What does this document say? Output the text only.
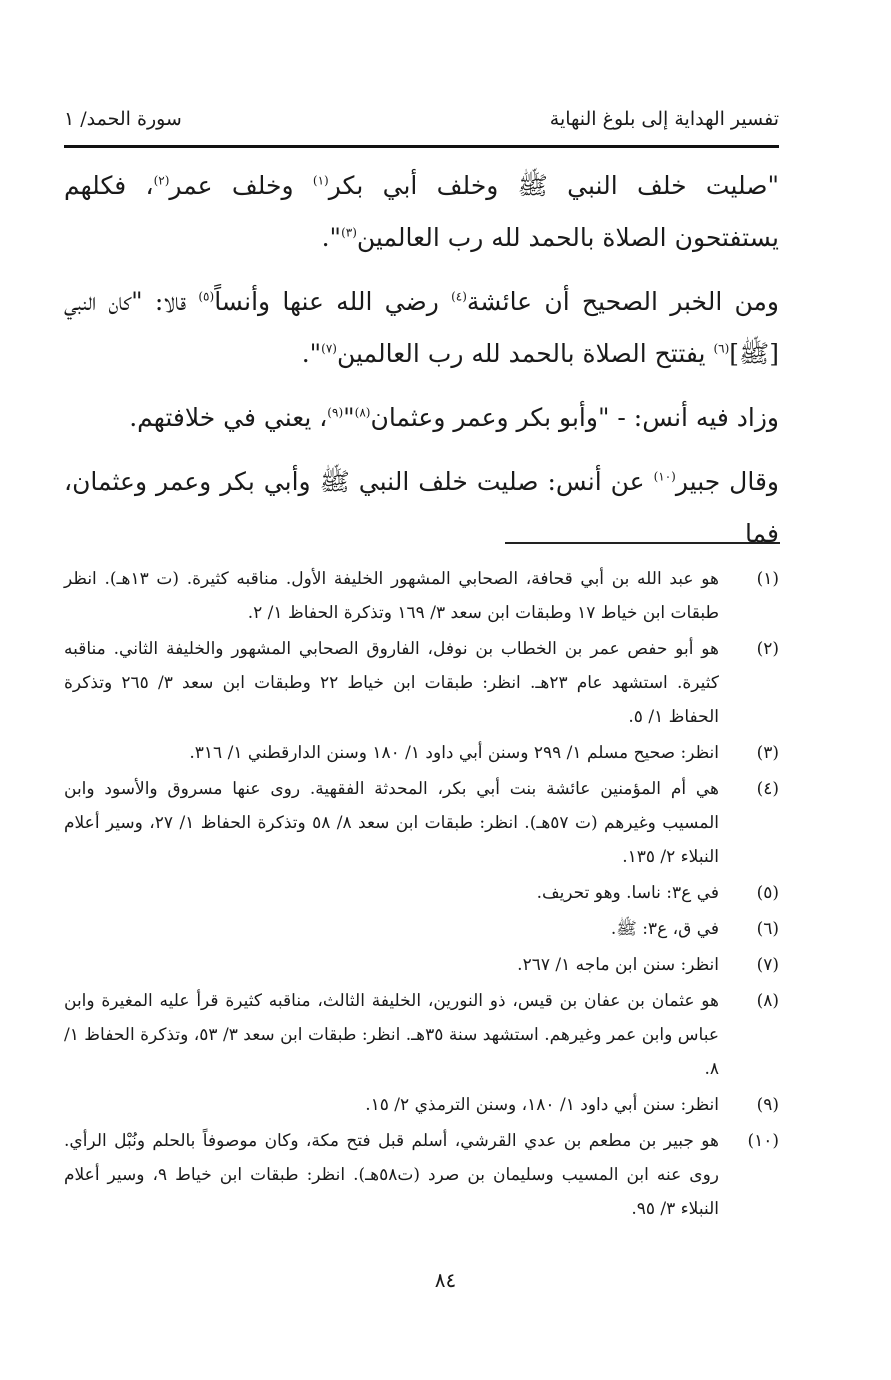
تفسير الهداية إلى بلوغ النهاية
سورة الحمد/ ١

"صليت خلف النبي ﷺ وخلف أبي بكر$^{(١)}$ وخلف عمر$^{(٢)}$، فكلهم يستفتحون الصلاة بالحمد لله رب العالمين$^{(٣)}$".

ومن الخبر الصحيح أن عائشة$^{(٤)}$ رضي الله عنها وأنساً$^{(٥)}$ قالا: "كان النبي [ﷺ]$^{(٦)}$ يفتتح الصلاة بالحمد لله رب العالمين$^{(٧)}$".

وزاد فيه أنس: - "وأبو بكر وعمر وعثمان$^{(٨)}$"$^{(٩)}$، يعني في خلافتهم.

وقال جبير$^{(١٠)}$ عن أنس: صليت خلف النبي ﷺ وأبي بكر وعمر وعثمان، فما

(١)
هو عبد الله بن أبي قحافة، الصحابي المشهور الخليفة الأول. مناقبه كثيرة. (ت ١٣هـ). انظر طبقات ابن خياط ١٧ وطبقات ابن سعد ٣/ ١٦٩ وتذكرة الحفاظ ١/ ٢.
(٢)
هو أبو حفص عمر بن الخطاب بن نوفل، الفاروق الصحابي المشهور والخليفة الثاني. مناقبه كثيرة. استشهد عام ٢٣هـ. انظر: طبقات ابن خياط ٢٢ وطبقات ابن سعد ٣/ ٢٦٥ وتذكرة الحفاظ ١/ ٥.
(٣)
انظر: صحيح مسلم ١/ ٢٩٩ وسنن أبي داود ١/ ١٨٠ وسنن الدارقطني ١/ ٣١٦.
(٤)
هي أم المؤمنين عائشة بنت أبي بكر، المحدثة الفقهية. روى عنها مسروق والأسود وابن المسيب وغيرهم (ت ٥٧هـ). انظر: طبقات ابن سعد ٨/ ٥٨ وتذكرة الحفاظ ١/ ٢٧، وسير أعلام النبلاء ٢/ ١٣٥.
(٥)
في ع٣: ناسا. وهو تحريف.
(٦)
في ق، ع٣: ﷺ.
(٧)
انظر: سنن ابن ماجه ١/ ٢٦٧.
(٨)
هو عثمان بن عفان بن قيس، ذو النورين، الخليفة الثالث، مناقبه كثيرة قرأ عليه المغيرة وابن عباس وابن عمر وغيرهم. استشهد سنة ٣٥هـ. انظر: طبقات ابن سعد ٣/ ٥٣، وتذكرة الحفاظ ١/ ٨.
(٩)
انظر: سنن أبي داود ١/ ١٨٠، وسنن الترمذي ٢/ ١٥.
(١٠)
هو جبير بن مطعم بن عدي القرشي، أسلم قبل فتح مكة، وكان موصوفاً بالحلم ونُبْل الرأي. روى عنه ابن المسيب وسليمان بن صرد (ت٥٨هـ). انظر: طبقات ابن خياط ٩، وسير أعلام النبلاء ٣/ ٩٥.
٨٤
